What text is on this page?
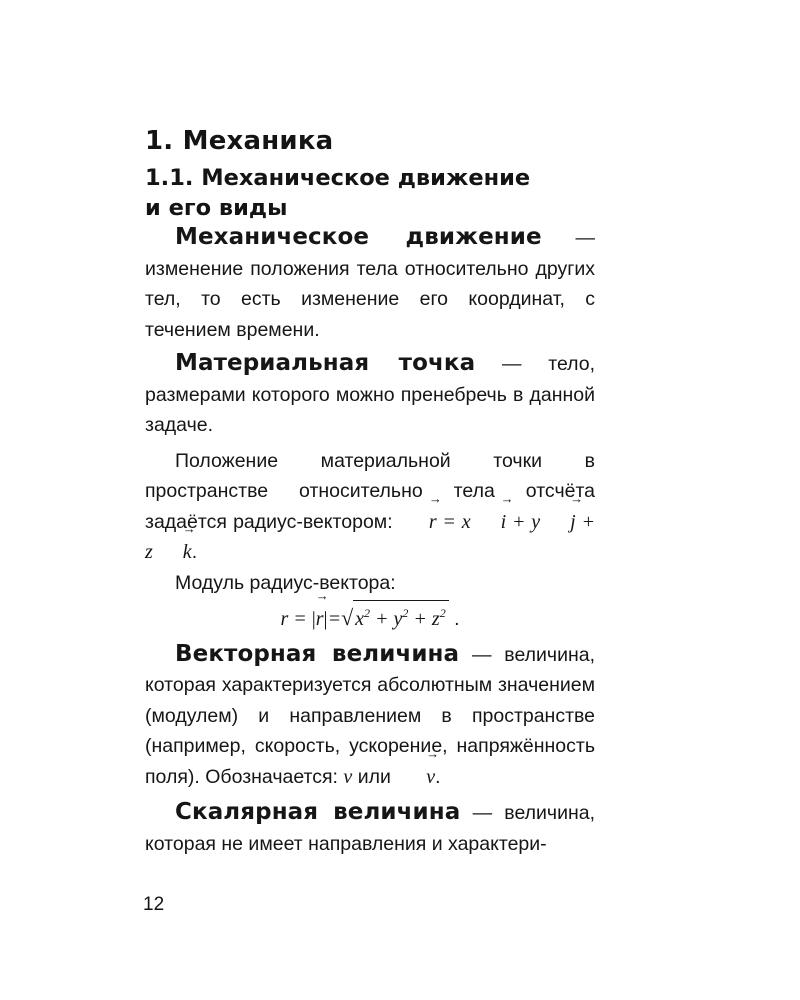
1. Механика
1.1. Механическое движение
и его виды

Механическое движение — изменение положения тела относительно других тел, то есть изменение его координат, с течением времени.

Материальная точка — тело, размерами которого можно пренебречь в данной задаче.

Положение материальной точки в пространстве относительно тела отсчёта задаётся радиус-вектором: r → = x i → + y j → + z k →.

Модуль радиус-вектора:

r = |r →|=√ $x^2 + y^2 + z^2$ .

Векторная величина — величина, которая характеризуется абсолютным значением (модулем) и направлением в пространстве (например, скорость, ускорение, напряжённость поля). Обозначается: v или v →.

Скалярная величина — величина, которая не имеет направления и характери-

12
